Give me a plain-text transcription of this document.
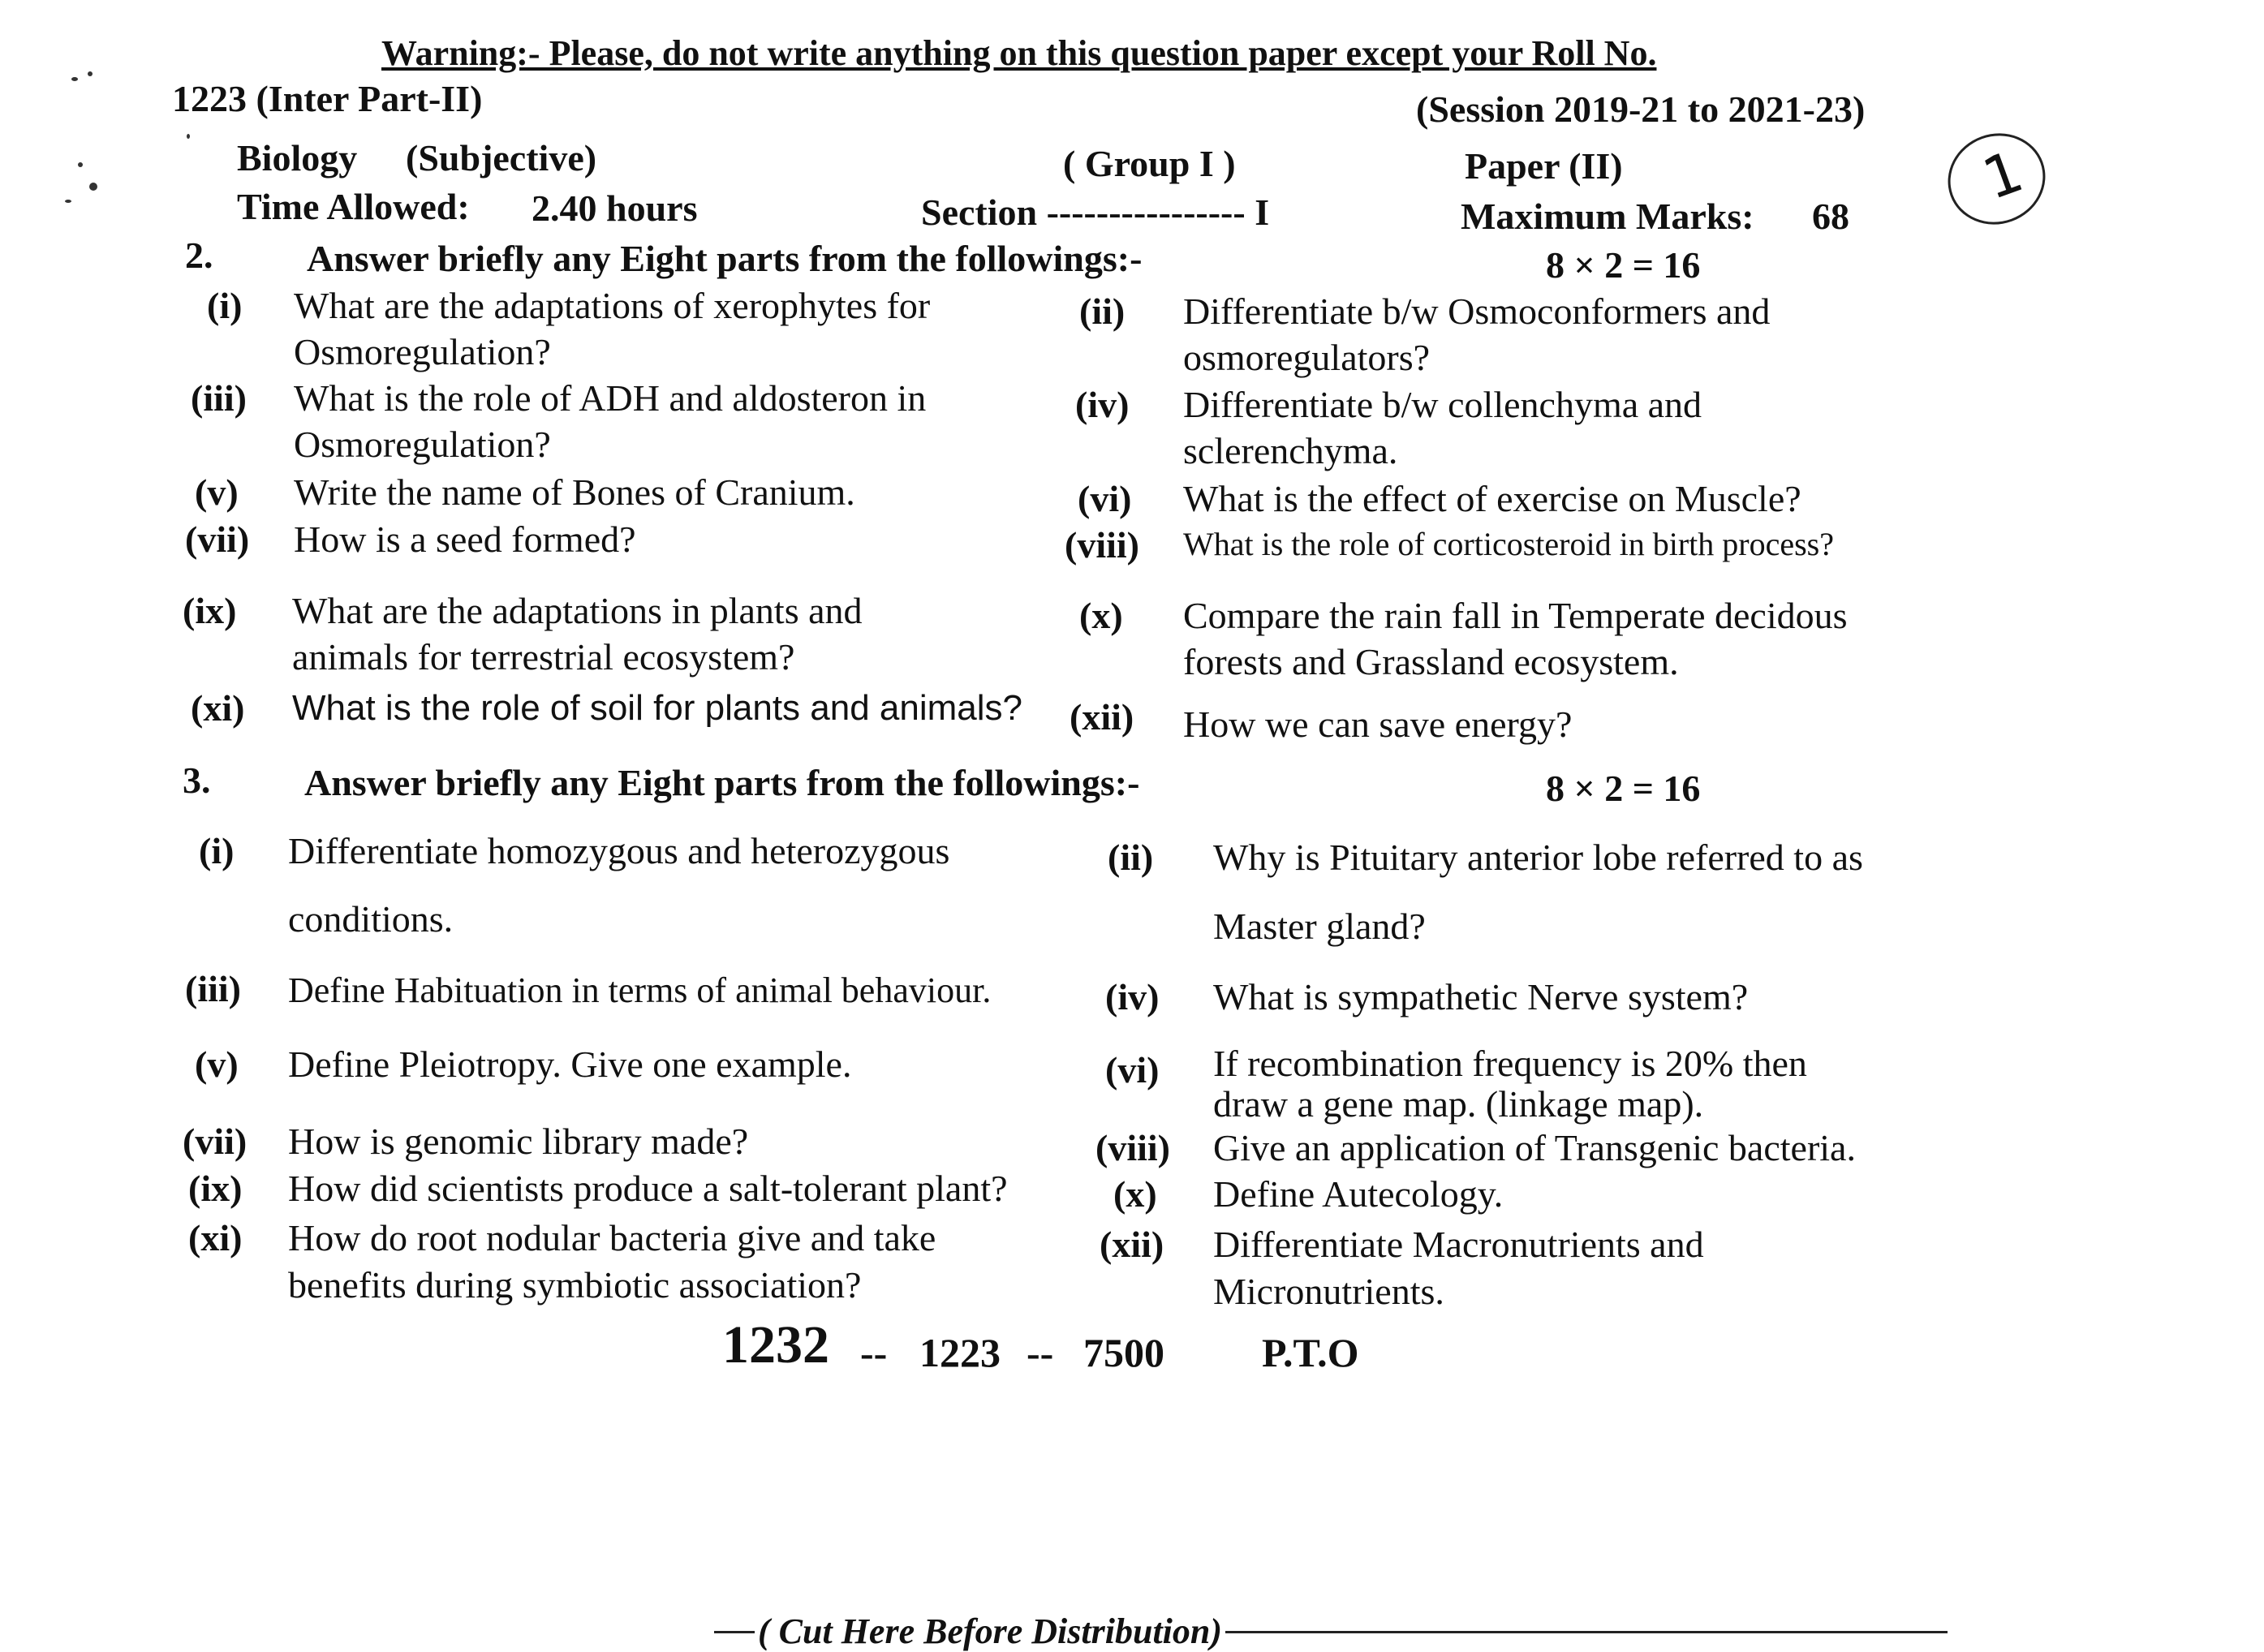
Warning:- Please, do not write anything on this question paper except your Roll No.
1223 (Inter Part-II)	(Session 2019-21 to 2021-23)
Biology (Subjective)	( Group I )	Paper (II)	1
Time Allowed: 2.40 hours	Section ---------------- I	Maximum Marks: 68
2.	Answer briefly any Eight parts from the followings:-	8 × 2 = 16
(i) What are the adaptations of xerophytes for
Osmoregulation?
(ii) Differentiate b/w Osmoconformers and
osmoregulators?
(iii) What is the role of ADH and aldosteron in
Osmoregulation?
(iv) Differentiate b/w collenchyma and
sclerenchyma.
(v) Write the name of Bones of Cranium.	(vi) What is the effect of exercise on Muscle?
(vii) How is a seed formed?	(viii) What is the role of corticosteroid in birth process?
(ix) What are the adaptations in plants and
animals for terrestrial ecosystem?
(x) Compare the rain fall in Temperate decidous
forests and Grassland ecosystem.
(xi) What is the role of soil for plants and animals? (xii) How we can save energy?
3.	Answer briefly any Eight parts from the followings:-	8 × 2 = 16
(i) Differentiate homozygous and heterozygous
conditions.
(ii) Why is Pituitary anterior lobe referred to as
Master gland?
(iii) Define Habituation in terms of animal behaviour.	(iv) What is sympathetic Nerve system?
(v) Define Pleiotropy. Give one example.	(vi) If recombination frequency is 20% then
draw a gene map. (linkage map).
(vii) How is genomic library made?	(viii) Give an application of Transgenic bacteria.
(ix) How did scientists produce a salt-tolerant plant?	(x) Define Autecology.
(xi) How do root nodular bacteria give and take
benefits during symbiotic association?
(xii) Differentiate Macronutrients and
Micronutrients.
1232 -- 1223 -- 7500 P.T.O
( Cut Here Before Distribution)
